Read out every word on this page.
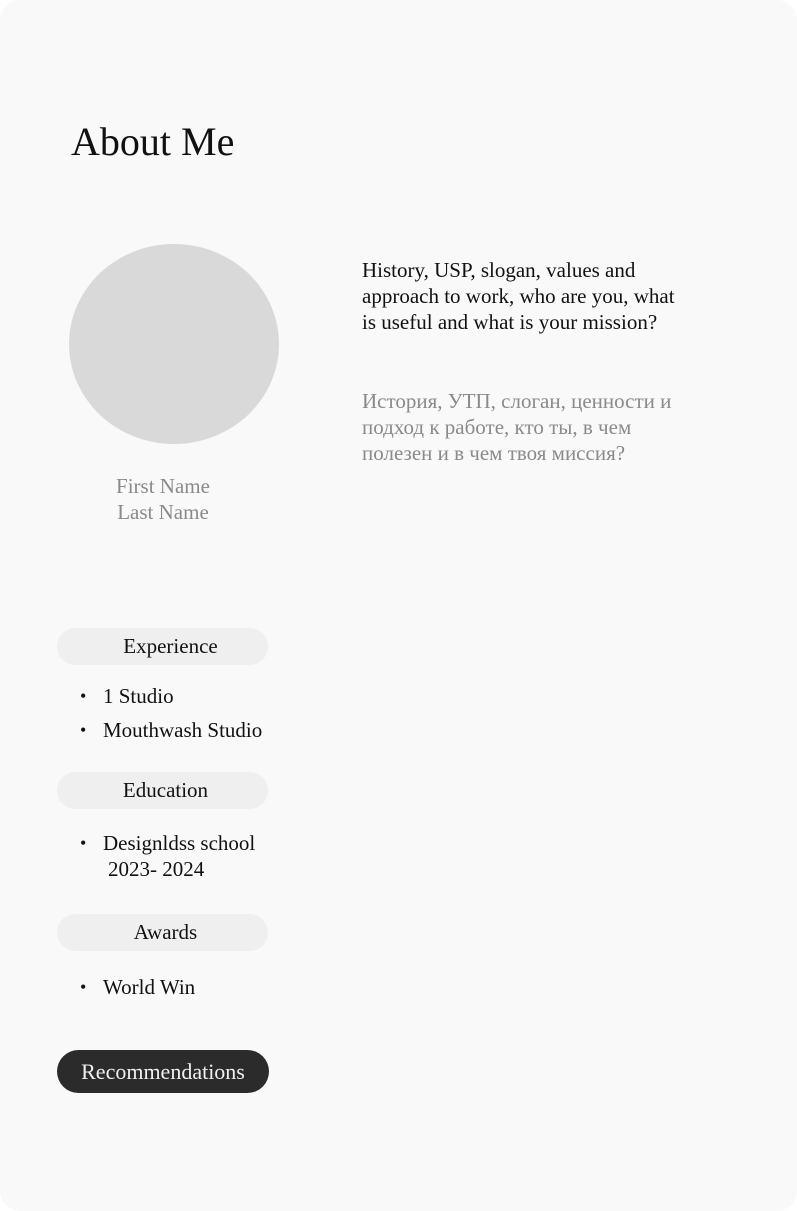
About Me
First Name
Last Name

History, USP, slogan, values and approach to work, who are you, what is useful and what is your mission?

История, УТП, слоган, ценности и подход к работе, кто ты, в чем полезен и в чем твоя миссия?

Experience
• 1 Studio
• Mouthwash Studio
Education
• Designldss school
2023- 2024
Awards
• World Win
Recommendations
